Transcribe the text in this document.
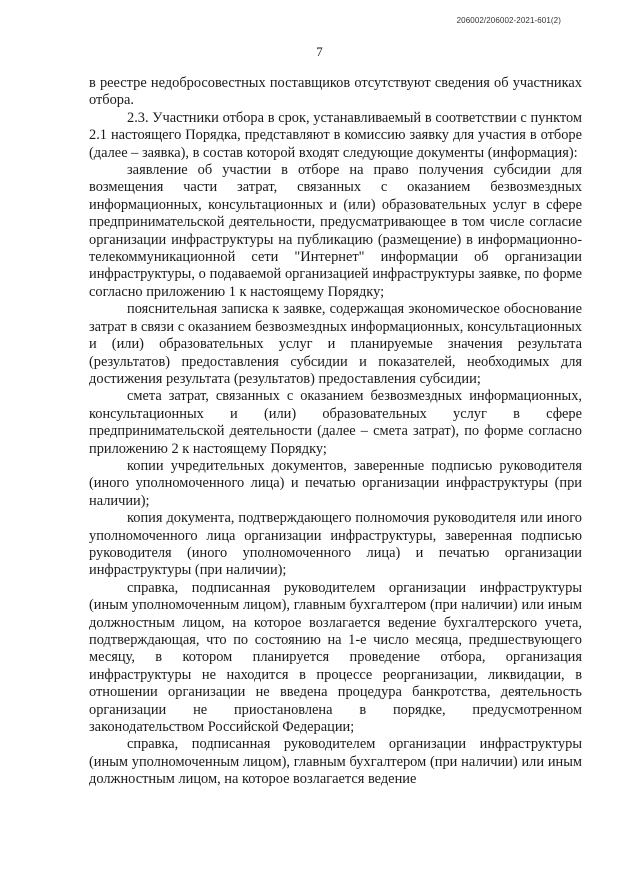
206002/206002-2021-601(2)
7

в реестре недобросовестных поставщиков отсутствуют сведения об участниках отбора.

2.3. Участники отбора в срок, устанавливаемый в соответствии с пунктом 2.1 настоящего Порядка, представляют в комиссию заявку для участия в отборе (далее – заявка), в состав которой входят следующие документы (информация):

заявление об участии в отборе на право получения субсидии для возмещения части затрат, связанных с оказанием безвозмездных информационных, консультационных и (или) образовательных услуг в сфере предпринимательской деятельности, предусматривающее в том числе согласие организации инфраструктуры на публикацию (размещение) в информационно-телекоммуникационной сети "Интернет" информации об организации инфраструктуры, о подаваемой организацией инфраструктуры заявке, по форме согласно приложению 1 к настоящему Порядку;

пояснительная записка к заявке, содержащая экономическое обоснование затрат в связи с оказанием безвозмездных информационных, консультационных и (или) образовательных услуг и планируемые значения результата (результатов) предоставления субсидии и показателей, необходимых для достижения результата (результатов) предоставления субсидии;

смета затрат, связанных с оказанием безвозмездных информационных, консультационных и (или) образовательных услуг в сфере предпринимательской деятельности (далее – смета затрат), по форме согласно приложению 2 к настоящему Порядку;

копии учредительных документов, заверенные подписью руководителя (иного уполномоченного лица) и печатью организации инфраструктуры (при наличии);

копия документа, подтверждающего полномочия руководителя или иного уполномоченного лица организации инфраструктуры, заверенная подписью руководителя (иного уполномоченного лица) и печатью организации инфраструктуры (при наличии);

справка, подписанная руководителем организации инфраструктуры (иным уполномоченным лицом), главным бухгалтером (при наличии) или иным должностным лицом, на которое возлагается ведение бухгалтерского учета, подтверждающая, что по состоянию на 1-е число месяца, предшествующего месяцу, в котором планируется проведение отбора, организация инфраструктуры не находится в процессе реорганизации, ликвидации, в отношении организации не введена процедура банкротства, деятельность организации не приостановлена в порядке, предусмотренном законодательством Российской Федерации;

справка, подписанная руководителем организации инфраструктуры (иным уполномоченным лицом), главным бухгалтером (при наличии) или иным должностным лицом, на которое возлагается ведение
